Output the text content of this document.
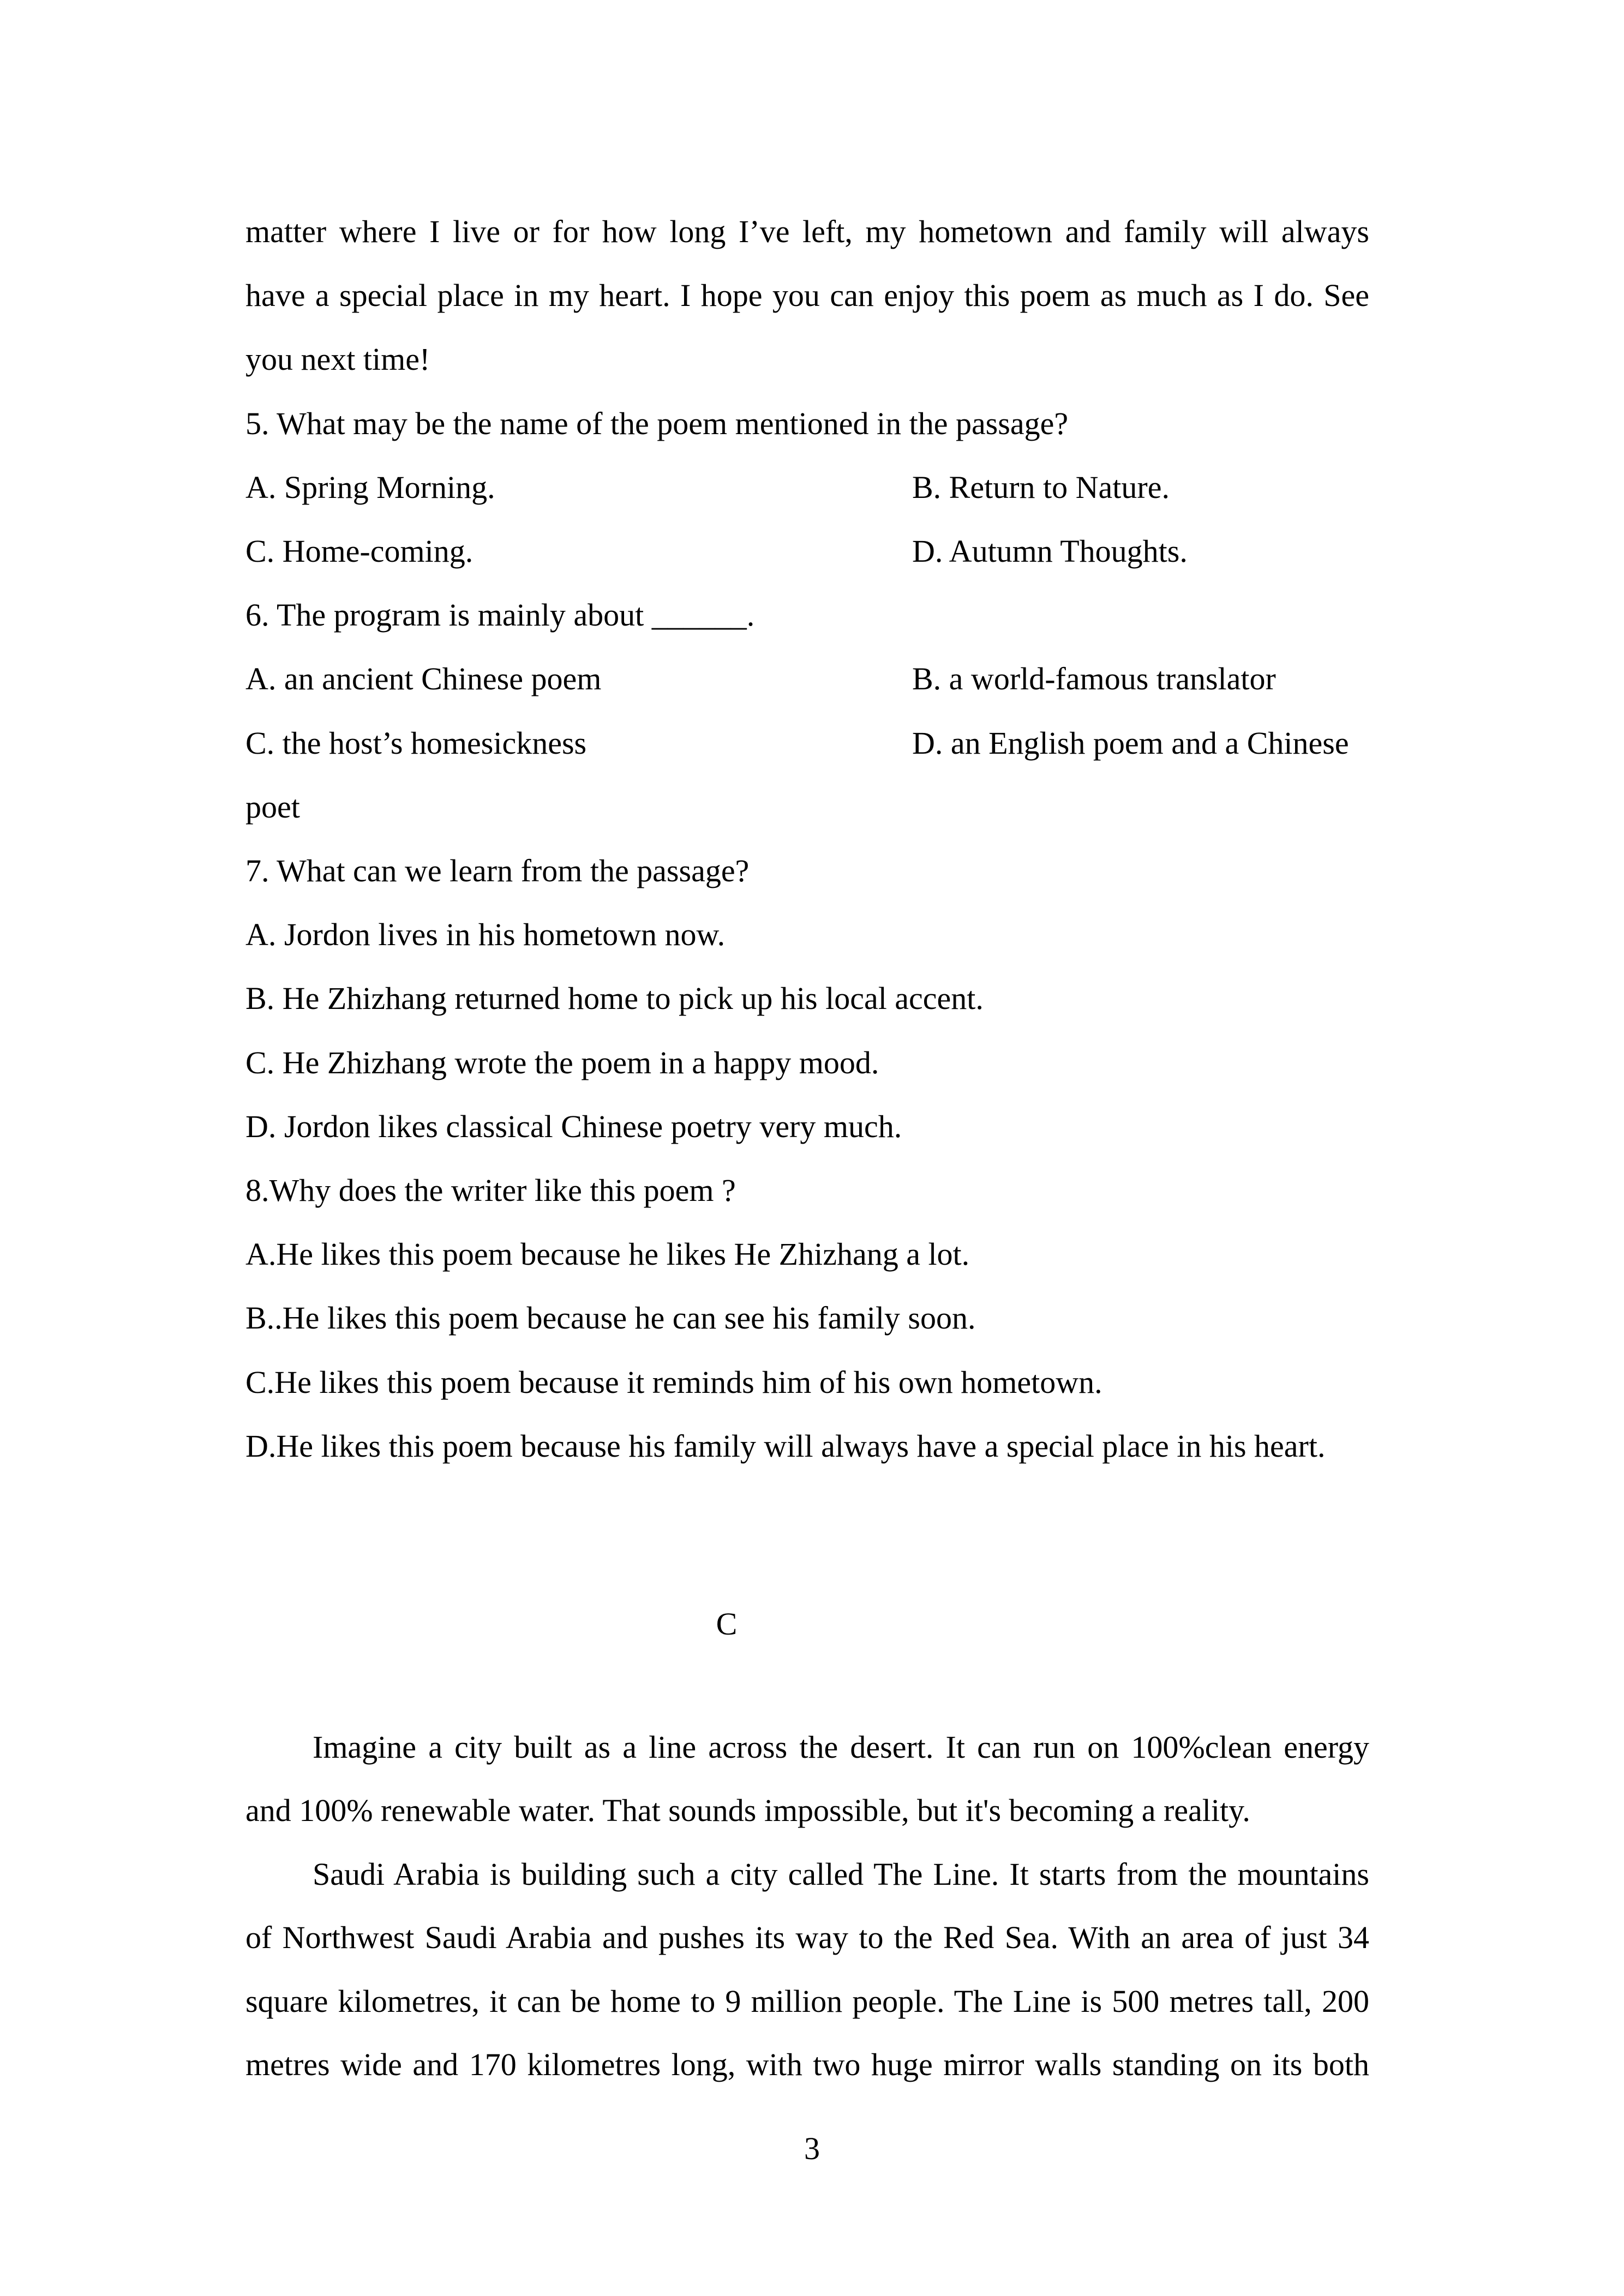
matter where I live or for how long I’ve left, my hometown and family will always
have a special place in my heart. I hope you can enjoy this poem as much as I do. See
you next time!
5. What may be the name of the poem mentioned in the passage?
A. Spring Morning.	B. Return to Nature.
C. Home-coming.	D. Autumn Thoughts.
6. The program is mainly about ______.
A. an ancient Chinese poem	B. a world-famous translator
C. the host’s homesickness	D. an English poem and a Chinese
poet
7. What can we learn from the passage?
A. Jordon lives in his hometown now.
B. He Zhizhang returned home to pick up his local accent.
C. He Zhizhang wrote the poem in a happy mood.
D. Jordon likes classical Chinese poetry very much.
8.Why does the writer like this poem ?
A.He likes this poem because he likes He Zhizhang a lot.
B..He likes this poem because he can see his family soon.
C.He likes this poem because it reminds him of his own hometown.
D.He likes this poem because his family will always have a special place in his heart.
C
Imagine a city built as a line across the desert. It can run on 100%clean energy
and 100% renewable water. That sounds impossible, but it's becoming a reality.
Saudi Arabia is building such a city called The Line. It starts from the mountains
of Northwest Saudi Arabia and pushes its way to the Red Sea. With an area of just 34
square kilometres, it can be home to 9 million people. The Line is 500 metres tall, 200
metres wide and 170 kilometres long, with two huge mirror walls standing on its both
3
